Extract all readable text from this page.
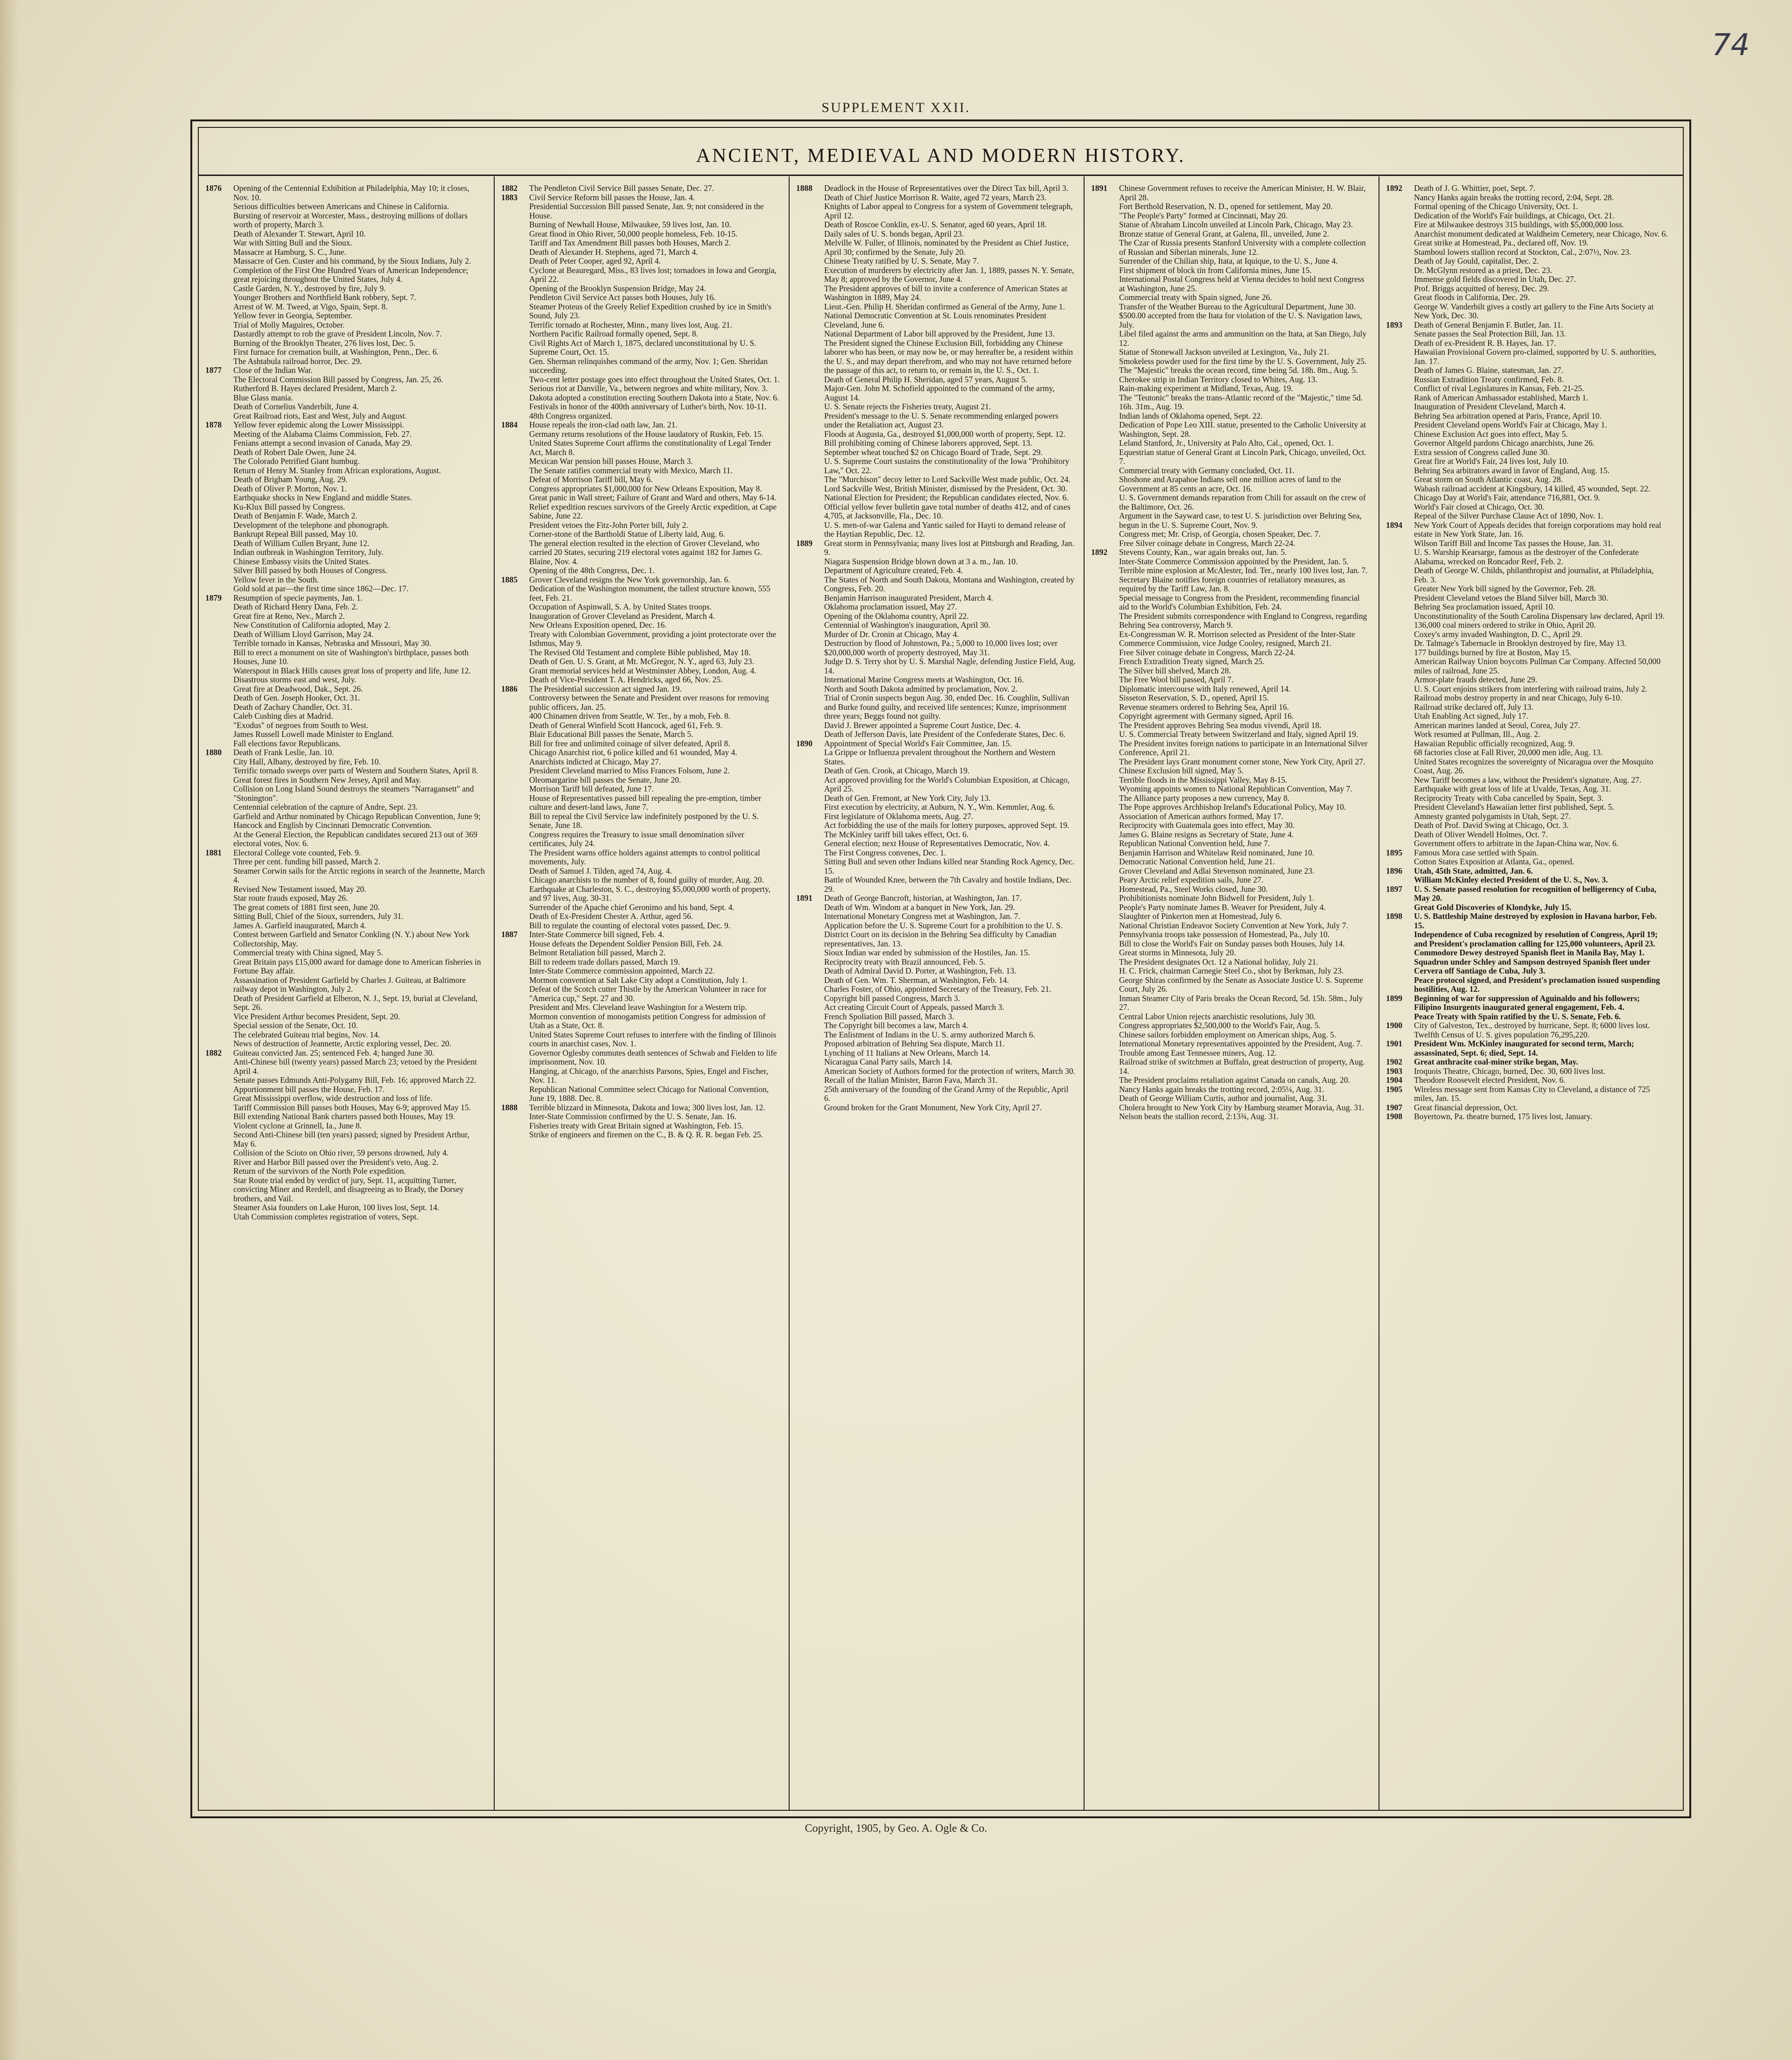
74
SUPPLEMENT XXII.
ANCIENT, MEDIEVAL AND MODERN HISTORY.
1876	Opening of the Centennial Exhibition at Philadelphia, May 10; it closes, Nov. 10.
Serious difficulties between Americans and Chinese in California.
Bursting of reservoir at Worcester, Mass., destroying millions of dollars worth of property, March 3.
Death of Alexander T. Stewart, April 10.
War with Sitting Bull and the Sioux.
Massacre at Hamburg, S. C., June.
Massacre of Gen. Custer and his command, by the Sioux Indians, July 2.
Completion of the First One Hundred Years of American Independence; great rejoicing throughout the United States, July 4.
Castle Garden, N. Y., destroyed by fire, July 9.
Younger Brothers and Northfield Bank robbery, Sept. 7.
Arrest of W. M. Tweed, at Vigo, Spain, Sept. 8.
Yellow fever in Georgia, September.
Trial of Molly Maguires, October.
Dastardly attempt to rob the grave of President Lincoln, Nov. 7.
Burning of the Brooklyn Theater, 276 lives lost, Dec. 5.
First furnace for cremation built, at Washington, Penn., Dec. 6.
The Ashtabula railroad horror, Dec. 29.
1877	Close of the Indian War.
The Electoral Commission Bill passed by Congress, Jan. 25, 26.
Rutherford B. Hayes declared President, March 2.
Blue Glass mania.
Death of Cornelius Vanderbilt, June 4.
Great Railroad riots, East and West, July and August.
1878	Yellow fever epidemic along the Lower Mississippi.
Meeting of the Alabama Claims Commission, Feb. 27.
Fenians attempt a second invasion of Canada, May 29.
Death of Robert Dale Owen, June 24.
The Colorado Petrified Giant humbug.
Return of Henry M. Stanley from African explorations, August.
Death of Brigham Young, Aug. 29.
Death of Oliver P. Morton, Nov. 1.
Earthquake shocks in New England and middle States.
Ku-Klux Bill passed by Congress.
Death of Benjamin F. Wade, March 2.
Development of the telephone and phonograph.
Bankrupt Repeal Bill passed, May 10.
Death of William Cullen Bryant, June 12.
Indian outbreak in Washington Territory, July.
Chinese Embassy visits the United States.
Silver Bill passed by both Houses of Congress.
Yellow fever in the South.
Gold sold at par—the first time since 1862—Dec. 17.
1879	Resumption of specie payments, Jan. 1.
Death of Richard Henry Dana, Feb. 2.
Great fire at Reno, Nev., March 2.
New Constitution of California adopted, May 2.
Death of William Lloyd Garrison, May 24.
Terrible tornado in Kansas, Nebraska and Missouri, May 30.
Bill to erect a monument on site of Washington's birthplace, passes both Houses, June 10.
Waterspout in Black Hills causes great loss of property and life, June 12.
Disastrous storms east and west, July.
Great fire at Deadwood, Dak., Sept. 26.
Death of Gen. Joseph Hooker, Oct. 31.
Death of Zachary Chandler, Oct. 31.
Caleb Cushing dies at Madrid.
"Exodus" of negroes from South to West.
James Russell Lowell made Minister to England.
Fall elections favor Republicans.
1880	Death of Frank Leslie, Jan. 10.
City Hall, Albany, destroyed by fire, Feb. 10.
Terrific tornado sweeps over parts of Western and Southern States, April 8.
Great forest fires in Southern New Jersey, April and May.
Collision on Long Island Sound destroys the steamers "Narragansett" and "Stonington".
Centennial celebration of the capture of Andre, Sept. 23.
Garfield and Arthur nominated by Chicago Republican Convention, June 9; Hancock and English by Cincinnati Democratic Convention.
At the General Election, the Republican candidates secured 213 out of 369 electoral votes, Nov. 6.
1881	Electoral College vote counted, Feb. 9.
Three per cent. funding bill passed, March 2.
Steamer Corwin sails for the Arctic regions in search of the Jeannette, March 4.
Revised New Testament issued, May 20.
Star route frauds exposed, May 26.
The great comets of 1881 first seen, June 20.
Sitting Bull, Chief of the Sioux, surrenders, July 31.
James A. Garfield inaugurated, March 4.
Contest between Garfield and Senator Conkling (N. Y.) about New York Collectorship, May.
Commercial treaty with China signed, May 5.
Great Britain pays £15,000 award for damage done to American fisheries in Fortune Bay affair.
Assassination of President Garfield by Charles J. Guiteau, at Baltimore railway depot in Washington, July 2.
Death of President Garfield at Elberon, N. J., Sept. 19, burial at Cleveland, Sept. 26.
Vice President Arthur becomes President, Sept. 20.
Special session of the Senate, Oct. 10.
The celebrated Guiteau trial begins, Nov. 14.
News of destruction of Jeannette, Arctic exploring vessel, Dec. 20.
1882	Guiteau convicted Jan. 25; sentenced Feb. 4; hanged June 30.
Anti-Chinese bill (twenty years) passed March 23; vetoed by the President April 4.
Senate passes Edmunds Anti-Polygamy Bill, Feb. 16; approved March 22.
Apportionment bill passes the House, Feb. 17.
Great Mississippi overflow, wide destruction and loss of life.
Tariff Commission Bill passes both Houses, May 6-9; approved May 15.
Bill extending National Bank charters passed both Houses, May 19.
Violent cyclone at Grinnell, Ia., June 8.
Second Anti-Chinese bill (ten years) passed; signed by President Arthur, May 6.
Collision of the Scioto on Ohio river, 59 persons drowned, July 4.
River and Harbor Bill passed over the President's veto, Aug. 2.
Return of the survivors of the North Pole expedition.
Star Route trial ended by verdict of jury, Sept. 11, acquitting Turner, convicting Miner and Rerdell, and disagreeing as to Brady, the Dorsey brothers, and Vail.
Steamer Asia founders on Lake Huron, 100 lives lost, Sept. 14.
Utah Commission completes registration of voters, Sept.
1882	The Pendleton Civil Service Bill passes Senate, Dec. 27.
1883	Civil Service Reform bill passes the House, Jan. 4.
Presidential Succession Bill passed Senate, Jan. 9; not considered in the House.
Burning of Newhall House, Milwaukee, 59 lives lost, Jan. 10.
Great flood in Ohio River, 50,000 people homeless, Feb. 10-15.
Tariff and Tax Amendment Bill passes both Houses, March 2.
Death of Alexander H. Stephens, aged 71, March 4.
Death of Peter Cooper, aged 92, April 4.
Cyclone at Beauregard, Miss., 83 lives lost; tornadoes in Iowa and Georgia, April 22.
Opening of the Brooklyn Suspension Bridge, May 24.
Pendleton Civil Service Act passes both Houses, July 16.
Steamer Proteus of the Greely Relief Expedition crushed by ice in Smith's Sound, July 23.
Terrific tornado at Rochester, Minn., many lives lost, Aug. 21.
Northern Pacific Railroad formally opened, Sept. 8.
Civil Rights Act of March 1, 1875, declared unconstitutional by U. S. Supreme Court, Oct. 15.
Gen. Sherman relinquishes command of the army, Nov. 1; Gen. Sheridan succeeding.
Two-cent letter postage goes into effect throughout the United States, Oct. 1.
Serious riot at Danville, Va., between negroes and white military, Nov. 3.
Dakota adopted a constitution erecting Southern Dakota into a State, Nov. 6.
Festivals in honor of the 400th anniversary of Luther's birth, Nov. 10-11.
48th Congress organized.
1884	House repeals the iron-clad oath law, Jan. 21.
Germany returns resolutions of the House laudatory of Ruskin, Feb. 15.
United States Supreme Court affirms the constitutionality of Legal Tender Act, March 8.
Mexican War pension bill passes House, March 3.
The Senate ratifies commercial treaty with Mexico, March 11.
Defeat of Morrison Tariff bill, May 6.
Congress appropriates $1,000,000 for New Orleans Exposition, May 8.
Great panic in Wall street; Failure of Grant and Ward and others, May 6-14.
Relief expedition rescues survivors of the Greely Arctic expedition, at Cape Sabine, June 22.
President vetoes the Fitz-John Porter bill, July 2.
Corner-stone of the Bartholdi Statue of Liberty laid, Aug. 6.
The general election resulted in the election of Grover Cleveland, who carried 20 States, securing 219 electoral votes against 182 for James G. Blaine, Nov. 4.
Opening of the 48th Congress, Dec. 1.
1885	Grover Cleveland resigns the New York governorship, Jan. 6.
Dedication of the Washington monument, the tallest structure known, 555 feet, Feb. 21.
Occupation of Aspinwall, S. A. by United States troops.
Inauguration of Grover Cleveland as President, March 4.
New Orleans Exposition opened, Dec. 16.
Treaty with Colombian Government, providing a joint protectorate over the Isthmus, May 9.
The Revised Old Testament and complete Bible published, May 18.
Death of Gen. U. S. Grant, at Mt. McGregor, N. Y., aged 63, July 23.
Grant memorial services held at Westminster Abbey, London, Aug. 4.
Death of Vice-President T. A. Hendricks, aged 66, Nov. 25.
1886	The Presidential succession act signed Jan. 19.
Controversy between the Senate and President over reasons for removing public officers, Jan. 25.
400 Chinamen driven from Seattle, W. Ter., by a mob, Feb. 8.
Death of General Winfield Scott Hancock, aged 61, Feb. 9.
Blair Educational Bill passes the Senate, March 5.
Bill for free and unlimited coinage of silver defeated, April 8.
Chicago Anarchist riot, 6 police killed and 61 wounded, May 4.
Anarchists indicted at Chicago, May 27.
President Cleveland married to Miss Frances Folsom, June 2.
Oleomargarine bill passes the Senate, June 20.
Morrison Tariff bill defeated, June 17.
House of Representatives passed bill repealing the pre-emption, timber culture and desert-land laws, June 7.
Bill to repeal the Civil Service law indefinitely postponed by the U. S. Senate, June 18.
Congress requires the Treasury to issue small denomination silver certificates, July 24.
The President warns office holders against attempts to control political movements, July.
Death of Samuel J. Tilden, aged 74, Aug. 4.
Chicago anarchists to the number of 8, found guilty of murder, Aug. 20.
Earthquake at Charleston, S. C., destroying $5,000,000 worth of property, and 97 lives, Aug. 30-31.
Surrender of the Apache chief Geronimo and his band, Sept. 4.
Death of Ex-President Chester A. Arthur, aged 56.
Bill to regulate the counting of electoral votes passed, Dec. 9.
1887	Inter-State Commerce bill signed, Feb. 4.
House defeats the Dependent Soldier Pension Bill, Feb. 24.
Belmont Retaliation bill passed, March 2.
Bill to redeem trade dollars passed, March 19.
Inter-State Commerce commission appointed, March 22.
Mormon convention at Salt Lake City adopt a Constitution, July 1.
Defeat of the Scotch cutter Thistle by the American Volunteer in race for "America cup," Sept. 27 and 30.
President and Mrs. Cleveland leave Washington for a Western trip.
Mormon convention of monogamists petition Congress for admission of Utah as a State, Oct. 8.
United States Supreme Court refuses to interfere with the finding of Illinois courts in anarchist cases, Nov. 1.
Governor Oglesby commutes death sentences of Schwab and Fielden to life imprisonment, Nov. 10.
Hanging, at Chicago, of the anarchists Parsons, Spies, Engel and Fischer, Nov. 11.
Republican National Committee select Chicago for National Convention, June 19, 1888. Dec. 8.
1888	Terrible blizzard in Minnesota, Dakota and Iowa; 300 lives lost, Jan. 12.
Inter-State Commission confirmed by the U. S. Senate, Jan. 16.
Fisheries treaty with Great Britain signed at Washington, Feb. 15.
Strike of engineers and firemen on the C., B. & Q. R. R. began Feb. 25.
1888	Deadlock in the House of Representatives over the Direct Tax bill, April 3.
Death of Chief Justice Morrison R. Waite, aged 72 years, March 23.
Knights of Labor appeal to Congress for a system of Government telegraph, April 12.
Death of Roscoe Conklin, ex-U. S. Senator, aged 60 years, April 18.
Daily sales of U. S. bonds began, April 23.
Melville W. Fuller, of Illinois, nominated by the President as Chief Justice, April 30; confirmed by the Senate, July 20.
Chinese Treaty ratified by U. S. Senate, May 7.
Execution of murderers by electricity after Jan. 1, 1889, passes N. Y. Senate, May 8; approved by the Governor, June 4.
The President approves of bill to invite a conference of American States at Washington in 1889, May 24.
Lieut.-Gen. Philip H. Sheridan confirmed as General of the Army, June 1.
National Democratic Convention at St. Louis renominates President Cleveland, June 6.
National Department of Labor bill approved by the President, June 13.
The President signed the Chinese Exclusion Bill, forbidding any Chinese laborer who has been, or may now be, or may hereafter be, a resident within the U. S., and may depart therefrom, and who may not have returned before the passage of this act, to return to, or remain in, the U. S., Oct. 1.
Death of General Philip H. Sheridan, aged 57 years, August 5.
Major-Gen. John M. Schofield appointed to the command of the army, August 14.
U. S. Senate rejects the Fisheries treaty, August 21.
President's message to the U. S. Senate recommending enlarged powers under the Retaliation act, August 23.
Floods at Augusta, Ga., destroyed $1,000,000 worth of property, Sept. 12.
Bill prohibiting coming of Chinese laborers approved, Sept. 13.
September wheat touched $2 on Chicago Board of Trade, Sept. 29.
U. S. Supreme Court sustains the constitutionality of the Iowa "Prohibitory Law," Oct. 22.
The "Murchison" decoy letter to Lord Sackville West made public, Oct. 24.
Lord Sackville West, British Minister, dismissed by the President, Oct. 30.
National Election for President; the Republican candidates elected, Nov. 6.
Official yellow fever bulletin gave total number of deaths 412, and of cases 4,705, at Jacksonville, Fla., Dec. 10.
U. S. men-of-war Galena and Yantic sailed for Hayti to demand release of the Haytian Republic, Dec. 12.
1889	Great storm in Pennsylvania; many lives lost at Pittsburgh and Reading, Jan. 9.
Niagara Suspension Bridge blown down at 3 a. m., Jan. 10.
Department of Agriculture created, Feb. 4.
The States of North and South Dakota, Montana and Washington, created by Congress, Feb. 20.
Benjamin Harrison inaugurated President, March 4.
Oklahoma proclamation issued, May 27.
Opening of the Oklahoma country, April 22.
Centennial of Washington's inauguration, April 30.
Murder of Dr. Cronin at Chicago, May 4.
Destruction by flood of Johnstown, Pa.; 5,000 to 10,000 lives lost; over $20,000,000 worth of property destroyed, May 31.
Judge D. S. Terry shot by U. S. Marshal Nagle, defending Justice Field, Aug. 14.
International Marine Congress meets at Washington, Oct. 16.
North and South Dakota admitted by proclamation, Nov. 2.
Trial of Cronin suspects begun Aug. 30, ended Dec. 16. Coughlin, Sullivan and Burke found guilty, and received life sentences; Kunze, imprisonment three years; Beggs found not guilty.
David J. Brewer appointed a Supreme Court Justice, Dec. 4.
Death of Jefferson Davis, late President of the Confederate States, Dec. 6.
1890	Appointment of Special World's Fair Committee, Jan. 15.
La Grippe or Influenza prevalent throughout the Northern and Western States.
Death of Gen. Crook, at Chicago, March 19.
Act approved providing for the World's Columbian Exposition, at Chicago, April 25.
Death of Gen. Fremont, at New York City, July 13.
First execution by electricity, at Auburn, N. Y., Wm. Kemmler, Aug. 6.
First legislature of Oklahoma meets, Aug. 27.
Act forbidding the use of the mails for lottery purposes, approved Sept. 19.
The McKinley tariff bill takes effect, Oct. 6.
General election; next House of Representatives Democratic, Nov. 4.
The First Congress convenes, Dec. 1.
Sitting Bull and seven other Indians killed near Standing Rock Agency, Dec. 15.
Battle of Wounded Knee, between the 7th Cavalry and hostile Indians, Dec. 29.
1891	Death of George Bancroft, historian, at Washington, Jan. 17.
Death of Wm. Windom at a banquet in New York, Jan. 29.
International Monetary Congress met at Washington, Jan. 7.
Application before the U. S. Supreme Court for a prohibition to the U. S. District Court on its decision in the Behring Sea difficulty by Canadian representatives, Jan. 13.
Sioux Indian war ended by submission of the Hostiles, Jan. 15.
Reciprocity treaty with Brazil announced, Feb. 5.
Death of Admiral David D. Porter, at Washington, Feb. 13.
Death of Gen. Wm. T. Sherman, at Washington, Feb. 14.
Charles Foster, of Ohio, appointed Secretary of the Treasury, Feb. 21.
Copyright bill passed Congress, March 3.
Act creating Circuit Court of Appeals, passed March 3.
French Spoliation Bill passed, March 3.
The Copyright bill becomes a law, March 4.
The Enlistment of Indians in the U. S. army authorized March 6.
Proposed arbitration of Behring Sea dispute, March 11.
Lynching of 11 Italians at New Orleans, March 14.
Nicaragua Canal Party sails, March 14.
American Society of Authors formed for the protection of writers, March 30.
Recall of the Italian Minister, Baron Fava, March 31.
25th anniversary of the founding of the Grand Army of the Republic, April 6.
Ground broken for the Grant Monument, New York City, April 27.
1891	Chinese Government refuses to receive the American Minister, H. W. Blair, April 28.
Fort Berthold Reservation, N. D., opened for settlement, May 20.
"The People's Party" formed at Cincinnati, May 20.
Statue of Abraham Lincoln unveiled at Lincoln Park, Chicago, May 23.
Bronze statue of General Grant, at Galena, Ill., unveiled, June 2.
The Czar of Russia presents Stanford University with a complete collection of Russian and Siberian minerals, June 12.
Surrender of the Chilian ship, Itata, at Iquique, to the U. S., June 4.
First shipment of block tin from California mines, June 15.
International Postal Congress held at Vienna decides to hold next Congress at Washington, June 25.
Commercial treaty with Spain signed, June 26.
Transfer of the Weather Bureau to the Agricultural Department, June 30.
$500.00 accepted from the Itata for violation of the U. S. Navigation laws, July.
Libel filed against the arms and ammunition on the Itata, at San Diego, July 12.
Statue of Stonewall Jackson unveiled at Lexington, Va., July 21.
Smokeless powder used for the first time by the U. S. Government, July 25.
The "Majestic" breaks the ocean record, time being 5d. 18h. 8m., Aug. 5.
Cherokee strip in Indian Territory closed to Whites, Aug. 13.
Rain-making experiment at Midland, Texas, Aug. 19.
The "Teutonic" breaks the trans-Atlantic record of the "Majestic," time 5d. 16h. 31m., Aug. 19.
Indian lands of Oklahoma opened, Sept. 22.
Dedication of Pope Leo XIII. statue, presented to the Catholic University at Washington, Sept. 28.
Leland Stanford, Jr., University at Palo Alto, Cal., opened, Oct. 1.
Equestrian statue of General Grant at Lincoln Park, Chicago, unveiled, Oct. 7.
Commercial treaty with Germany concluded, Oct. 11.
Shoshone and Arapahoe Indians sell one million acres of land to the Government at 85 cents an acre, Oct. 16.
U. S. Government demands reparation from Chili for assault on the crew of the Baltimore, Oct. 26.
Argument in the Sayward case, to test U. S. jurisdiction over Behring Sea, begun in the U. S. Supreme Court, Nov. 9.
Congress met; Mr. Crisp, of Georgia, chosen Speaker, Dec. 7.
Free Silver coinage debate in Congress, March 22-24.
1892	Stevens County, Kan., war again breaks out, Jan. 5.
Inter-State Commerce Commission appointed by the President, Jan. 5.
Terrible mine explosion at McAlester, Ind. Ter., nearly 100 lives lost, Jan. 7.
Secretary Blaine notifies foreign countries of retaliatory measures, as required by the Tariff Law, Jan. 8.
Special message to Congress from the President, recommending financial aid to the World's Columbian Exhibition, Feb. 24.
The President submits correspondence with England to Congress, regarding Behring Sea controversy, March 9.
Ex-Congressman W. R. Morrison selected as President of the Inter-State Commerce Commission, vice Judge Cooley, resigned, March 21.
Free Silver coinage debate in Congress, March 22-24.
French Extradition Treaty signed, March 25.
The Silver bill shelved, March 28.
The Free Wool bill passed, April 7.
Diplomatic intercourse with Italy renewed, April 14.
Sisseton Reservation, S. D., opened, April 15.
Revenue steamers ordered to Behring Sea, April 16.
Copyright agreement with Germany signed, April 16.
The President approves Behring Sea modus vivendi, April 18.
U. S. Commercial Treaty between Switzerland and Italy, signed April 19.
The President invites foreign nations to participate in an International Silver Conference, April 21.
The President lays Grant monument corner stone, New York City, April 27.
Chinese Exclusion bill signed, May 5.
Terrible floods in the Mississippi Valley, May 8-15.
Wyoming appoints women to National Republican Convention, May 7.
The Alliance party proposes a new currency, May 8.
The Pope approves Archbishop Ireland's Educational Policy, May 10.
Association of American authors formed, May 17.
Reciprocity with Guatemala goes into effect, May 30.
James G. Blaine resigns as Secretary of State, June 4.
Republican National Convention held, June 7.
Benjamin Harrison and Whitelaw Reid nominated, June 10.
Democratic National Convention held, June 21.
Grover Cleveland and Adlai Stevenson nominated, June 23.
Peary Arctic relief expedition sails, June 27.
Homestead, Pa., Steel Works closed, June 30.
Prohibitionists nominate John Bidwell for President, July 1.
People's Party nominate James B. Weaver for President, July 4.
Slaughter of Pinkerton men at Homestead, July 6.
National Christian Endeavor Society Convention at New York, July 7.
Pennsylvania troops take possession of Homestead, Pa., July 10.
Bill to close the World's Fair on Sunday passes both Houses, July 14.
Great storms in Minnesota, July 20.
The President designates Oct. 12 a National holiday, July 21.
H. C. Frick, chairman Carnegie Steel Co., shot by Berkman, July 23.
George Shiras confirmed by the Senate as Associate Justice U. S. Supreme Court, July 26.
Inman Steamer City of Paris breaks the Ocean Record, 5d. 15h. 58m., July 27.
Central Labor Union rejects anarchistic resolutions, July 30.
Congress appropriates $2,500,000 to the World's Fair, Aug. 5.
Chinese sailors forbidden employment on American ships, Aug. 5.
International Monetary representatives appointed by the President, Aug. 7.
Trouble among East Tennessee miners, Aug. 12.
Railroad strike of switchmen at Buffalo, great destruction of property, Aug. 14.
The President proclaims retaliation against Canada on canals, Aug. 20.
Nancy Hanks again breaks the trotting record, 2:05¼, Aug. 31.
Death of George William Curtis, author and journalist, Aug. 31.
Cholera brought to New York City by Hamburg steamer Moravia, Aug. 31.
Nelson beats the stallion record, 2:13¾, Aug. 31.
1892	Death of J. G. Whittier, poet, Sept. 7.
Nancy Hanks again breaks the trotting record, 2:04, Sept. 28.
Formal opening of the Chicago University, Oct. 1.
Dedication of the World's Fair buildings, at Chicago, Oct. 21.
Fire at Milwaukee destroys 315 buildings, with $5,000,000 loss.
Anarchist monument dedicated at Waldheim Cemetery, near Chicago, Nov. 6.
Great strike at Homestead, Pa., declared off, Nov. 19.
Stamboul lowers stallion record at Stockton, Cal., 2:07½, Nov. 23.
Death of Jay Gould, capitalist, Dec. 2.
Dr. McGlynn restored as a priest, Dec. 23.
Immense gold fields discovered in Utah, Dec. 27.
Prof. Briggs acquitted of heresy, Dec. 29.
Great floods in California, Dec. 29.
George W. Vanderbilt gives a costly art gallery to the Fine Arts Society at New York, Dec. 30.
1893	Death of General Benjamin F. Butler, Jan. 11.
Senate passes the Seal Protection Bill, Jan. 13.
Death of ex-President R. B. Hayes, Jan. 17.
Hawaiian Provisional Govern pro-claimed, supported by U. S. authorities, Jan. 17.
Death of James G. Blaine, statesman, Jan. 27.
Russian Extradition Treaty confirmed, Feb. 8.
Conflict of rival Legislatures in Kansas, Feb. 21-25.
Rank of American Ambassador established, March 1.
Inauguration of President Cleveland, March 4.
Behring Sea arbitration opened at Paris, France, April 10.
President Cleveland opens World's Fair at Chicago, May 1.
Chinese Exclusion Act goes into effect, May 5.
Governor Altgeld pardons Chicago anarchists, June 26.
Extra session of Congress called June 30.
Great fire at World's Fair, 24 lives lost, July 10.
Behring Sea arbitrators award in favor of England, Aug. 15.
Great storm on South Atlantic coast, Aug. 28.
Wabash railroad accident at Kingsbury, 14 killed, 45 wounded, Sept. 22.
Chicago Day at World's Fair, attendance 716,881, Oct. 9.
World's Fair closed at Chicago, Oct. 30.
Repeal of the Silver Purchase Clause Act of 1890, Nov. 1.
1894	New York Court of Appeals decides that foreign corporations may hold real estate in New York State, Jan. 16.
Wilson Tariff Bill and Income Tax passes the House, Jan. 31.
U. S. Warship Kearsarge, famous as the destroyer of the Confederate Alabama, wrecked on Roncador Reef, Feb. 2.
Death of George W. Childs, philanthropist and journalist, at Philadelphia, Feb. 3.
Greater New York bill signed by the Governor, Feb. 28.
President Cleveland vetoes the Bland Silver bill, March 30.
Behring Sea proclamation issued, April 10.
Unconstitutionality of the South Carolina Dispensary law declared, April 19.
136,000 coal miners ordered to strike in Ohio, April 20.
Coxey's army invaded Washington, D. C., April 29.
Dr. Talmage's Tabernacle in Brooklyn destroyed by fire, May 13.
177 buildings burned by fire at Boston, May 15.
American Railway Union boycotts Pullman Car Company. Affected 50,000 miles of railroad, June 25.
Armor-plate frauds detected, June 29.
U. S. Court enjoins strikers from interfering with railroad trains, July 2.
Railroad mobs destroy property in and near Chicago, July 6-10.
Railroad strike declared off, July 13.
Utah Enabling Act signed, July 17.
American marines landed at Seoul, Corea, July 27.
Work resumed at Pullman, Ill., Aug. 2.
Hawaiian Republic officially recognized, Aug. 9.
68 factories close at Fall River, 20,000 men idle, Aug. 13.
United States recognizes the sovereignty of Nicaragua over the Mosquito Coast, Aug. 26.
New Tariff becomes a law, without the President's signature, Aug. 27.
Earthquake with great loss of life at Uvalde, Texas, Aug. 31.
Reciprocity Treaty with Cuba cancelled by Spain, Sept. 3.
President Cleveland's Hawaiian letter first published, Sept. 5.
Amnesty granted polygamists in Utah, Sept. 27.
Death of Prof. David Swing at Chicago, Oct. 3.
Death of Oliver Wendell Holmes, Oct. 7.
Government offers to arbitrate in the Japan-China war, Nov. 6.
1895	Famous Mora case settled with Spain.
Cotton States Exposition at Atlanta, Ga., opened.
1896	Utah, 45th State, admitted, Jan. 6.
William McKinley elected President of the U. S., Nov. 3.
1897	U. S. Senate passed resolution for recognition of belligerency of Cuba, May 20.
Great Gold Discoveries of Klondyke, July 15.
1898	U. S. Battleship Maine destroyed by explosion in Havana harbor, Feb. 15.
Independence of Cuba recognized by resolution of Congress, April 19; and President's proclamation calling for 125,000 volunteers, April 23.
Commodore Dewey destroyed Spanish fleet in Manila Bay, May 1.
Squadron under Schley and Sampson destroyed Spanish fleet under Cervera off Santiago de Cuba, July 3.
Peace protocol signed, and President's proclamation issued suspending hostilities, Aug. 12.
1899	Beginning of war for suppression of Aguinaldo and his followers; Filipino Insurgents inaugurated general engagement, Feb. 4.
Peace Treaty with Spain ratified by the U. S. Senate, Feb. 6.
1900	City of Galveston, Tex., destroyed by hurricane, Sept. 8; 6000 lives lost.
Twelfth Census of U. S. gives population 76,295,220.
1901	President Wm. McKinley inaugurated for second term, March; assassinated, Sept. 6; died, Sept. 14.
1902	Great anthracite coal-miner strike began, May.
1903	Iroquois Theatre, Chicago, burned, Dec. 30, 600 lives lost.
1904	Theodore Roosevelt elected President, Nov. 6.
1905	Wireless message sent from Kansas City to Cleveland, a distance of 725 miles, Jan. 15.
1907	Great financial depression, Oct.
1908	Boyertown, Pa. theatre burned, 175 lives lost, January.
Copyright, 1905, by Geo. A. Ogle & Co.
